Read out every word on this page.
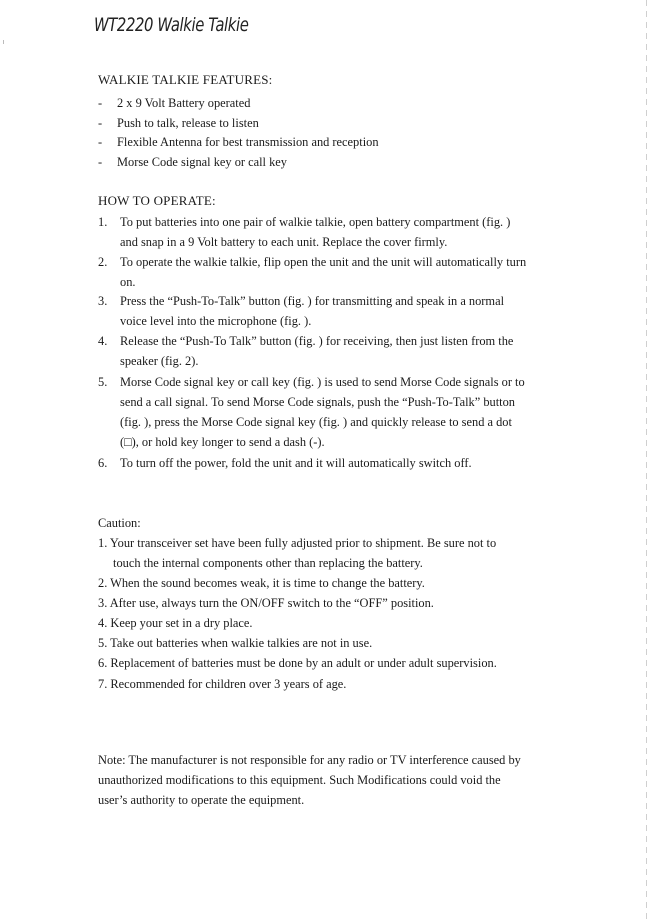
WT2220 Walkie Talkie
WALKIE TALKIE FEATURES:
- 2 x 9 Volt Battery operated
- Push to talk, release to listen
- Flexible Antenna for best transmission and reception
- Morse Code signal key or call key
HOW TO OPERATE:
1. To put batteries into one pair of walkie talkie, open battery compartment (fig. )
and snap in a 9 Volt battery to each unit. Replace the cover firmly.
2. To operate the walkie talkie, flip open the unit and the unit will automatically turn
on.
3. Press the “Push-To-Talk” button (fig. ) for transmitting and speak in a normal
voice level into the microphone (fig. ).
4. Release the “Push-To Talk” button (fig. ) for receiving, then just listen from the
speaker (fig. 2).
5. Morse Code signal key or call key (fig. ) is used to send Morse Code signals or to
send a call signal. To send Morse Code signals, push the “Push-To-Talk” button
(fig. ), press the Morse Code signal key (fig. ) and quickly release to send a dot
(□), or hold key longer to send a dash (-).
6. To turn off the power, fold the unit and it will automatically switch off.
Caution:
1. Your transceiver set have been fully adjusted prior to shipment. Be sure not to
touch the internal components other than replacing the battery.
2. When the sound becomes weak, it is time to change the battery.
3. After use, always turn the ON/OFF switch to the “OFF” position.
4. Keep your set in a dry place.
5. Take out batteries when walkie talkies are not in use.
6. Replacement of batteries must be done by an adult or under adult supervision.
7. Recommended for children over 3 years of age.
Note: The manufacturer is not responsible for any radio or TV interference caused by
unauthorized modifications to this equipment. Such Modifications could void the
user’s authority to operate the equipment.
